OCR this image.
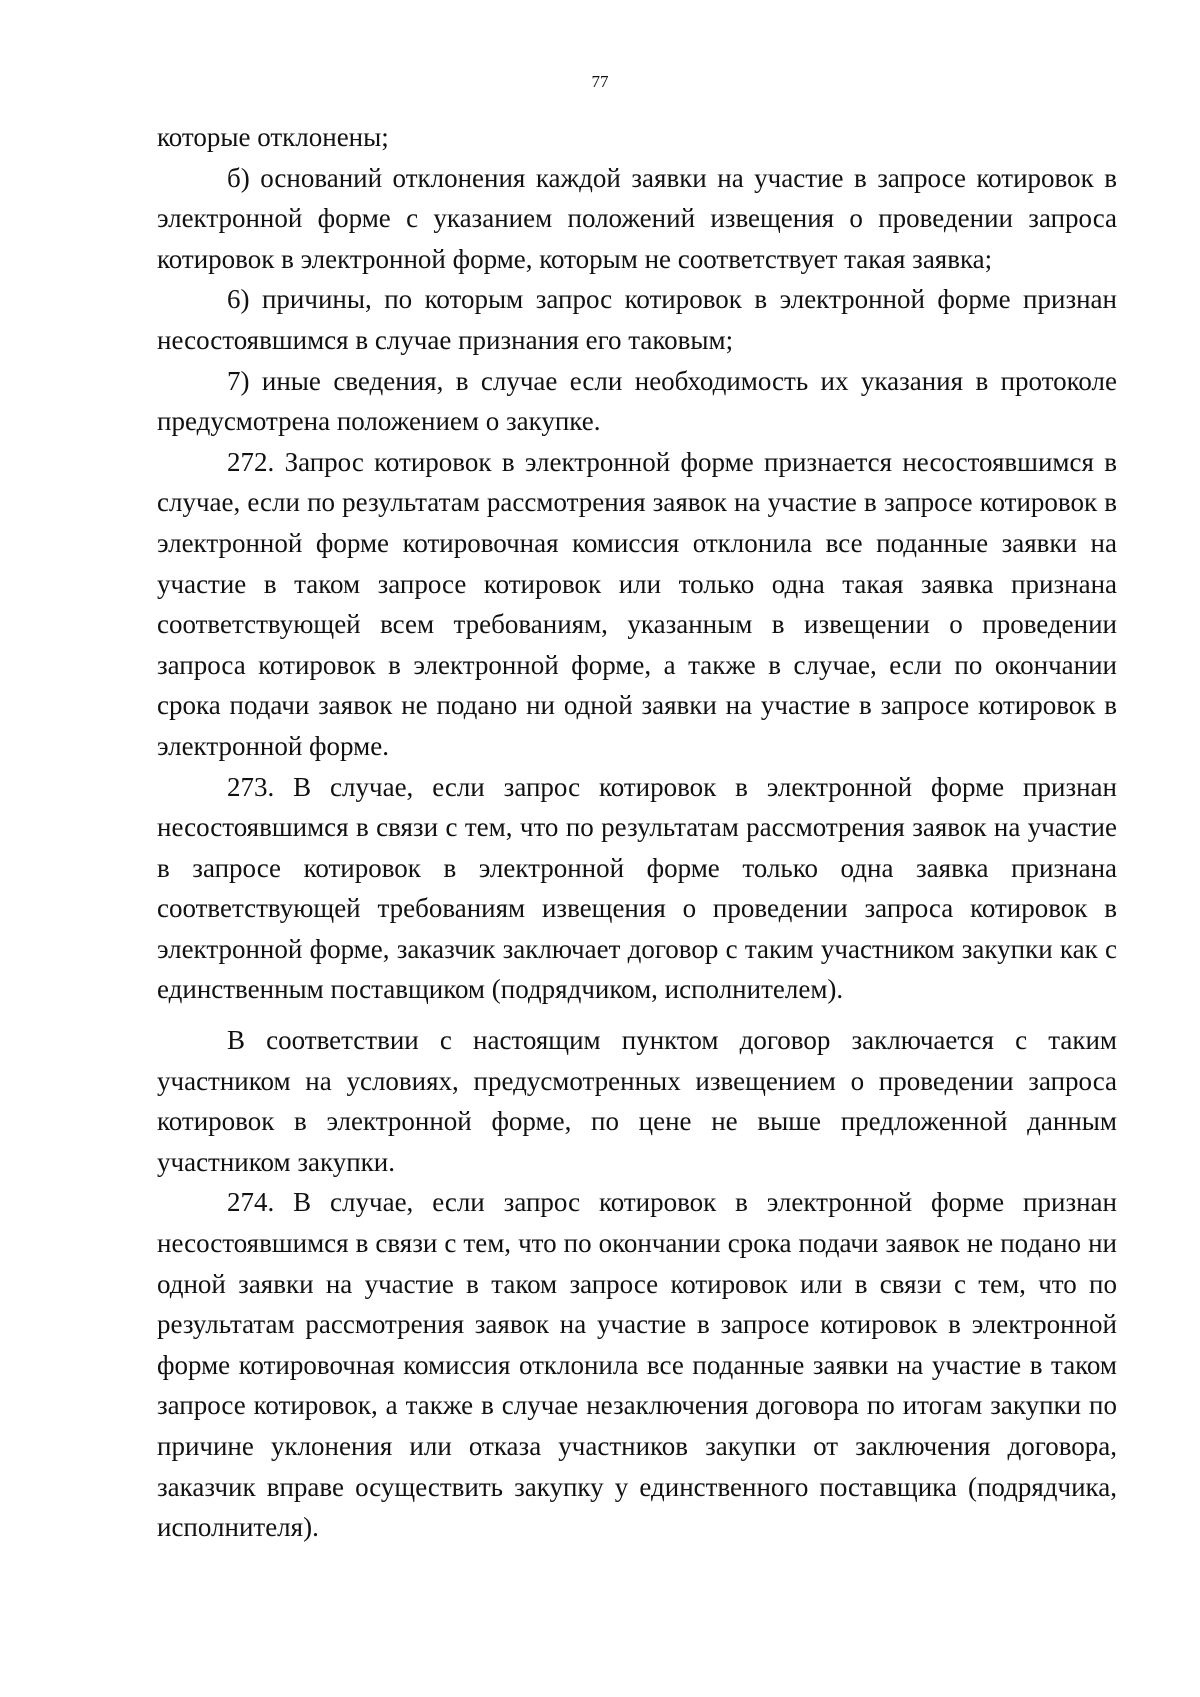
77

которые отклонены;

б) оснований отклонения каждой заявки на участие в запросе котировок в электронной форме с указанием положений извещения о проведении запроса котировок в электронной форме, которым не соответствует такая заявка;

6) причины, по которым запрос котировок в электронной форме признан несостоявшимся в случае признания его таковым;

7) иные сведения, в случае если необходимость их указания в протоколе предусмотрена положением о закупке.

272. Запрос котировок в электронной форме признается несостоявшимся в случае, если по результатам рассмотрения заявок на участие в запросе котировок в электронной форме котировочная комиссия отклонила все поданные заявки на участие в таком запросе котировок или только одна такая заявка признана соответствующей всем требованиям, указанным в извещении о проведении запроса котировок в электронной форме, а также в случае, если по окончании срока подачи заявок не подано ни одной заявки на участие в запросе котировок в электронной форме.

273. В случае, если запрос котировок в электронной форме признан несостоявшимся в связи с тем, что по результатам рассмотрения заявок на участие в запросе котировок в электронной форме только одна заявка признана соответствующей требованиям извещения о проведении запроса котировок в электронной форме, заказчик заключает договор с таким участником закупки как с единственным поставщиком (подрядчиком, исполнителем).

В соответствии с настоящим пунктом договор заключается с таким участником на условиях, предусмотренных извещением о проведении запроса котировок в электронной форме, по цене не выше предложенной данным участником закупки.

274. В случае, если запрос котировок в электронной форме признан несостоявшимся в связи с тем, что по окончании срока подачи заявок не подано ни одной заявки на участие в таком запросе котировок или в связи с тем, что по результатам рассмотрения заявок на участие в запросе котировок в электронной форме котировочная комиссия отклонила все поданные заявки на участие в таком запросе котировок, а также в случае незаключения договора по итогам закупки по причине уклонения или отказа участников закупки от заключения договора, заказчик вправе осуществить закупку у единственного поставщика (подрядчика, исполнителя).
